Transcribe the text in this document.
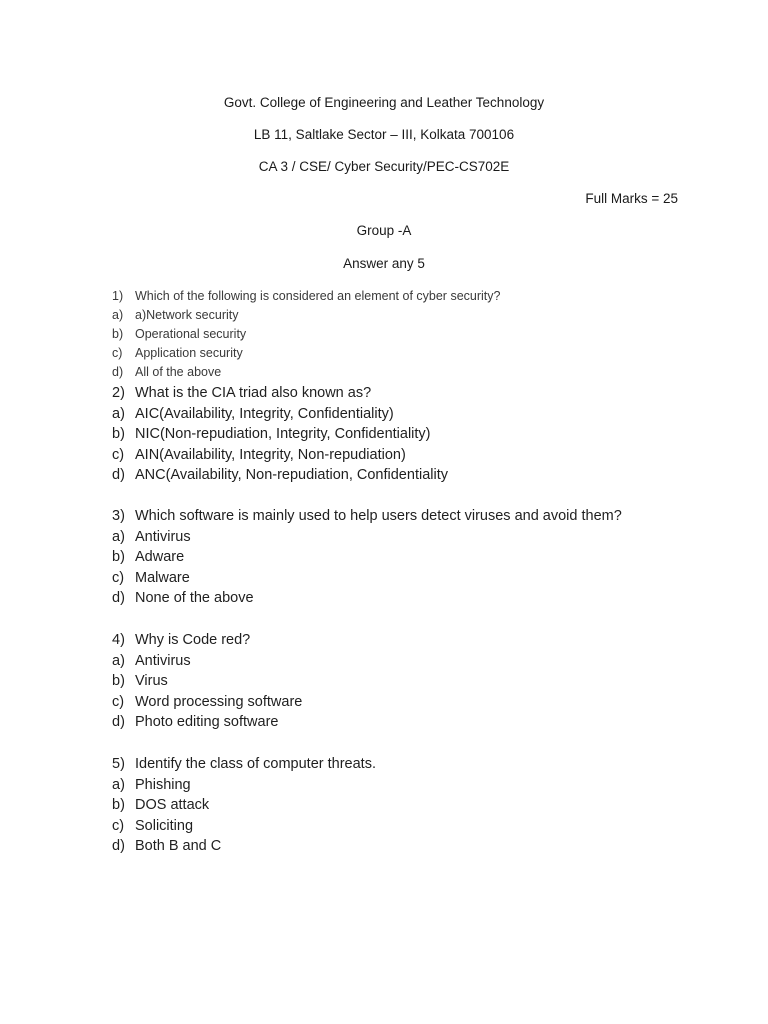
Govt. College of Engineering and Leather Technology
LB 11, Saltlake Sector – III, Kolkata 700106
CA 3 / CSE/ Cyber Security/PEC-CS702E
Full Marks = 25
Group -A
Answer any 5
1) Which of the following is considered an element of cyber security?
a) a)Network security
b) Operational security
c)	Application security
d) All of the above
2) What is the CIA triad also known as?
a) AIC(Availability, Integrity, Confidentiality)
b) NIC(Non-repudiation, Integrity, Confidentiality)
c) AIN(Availability, Integrity, Non-repudiation)
d) ANC(Availability, Non-repudiation, Confidentiality
3) Which software is mainly used to help users detect viruses and avoid them?
a) Antivirus
b) Adware
c) Malware
d) None of the above
4) Why is Code red?
a) Antivirus
b) Virus
c) Word processing software
d) Photo editing software
5) Identify the class of computer threats.
a) Phishing
b) DOS attack
c) Soliciting
d) Both B and C
